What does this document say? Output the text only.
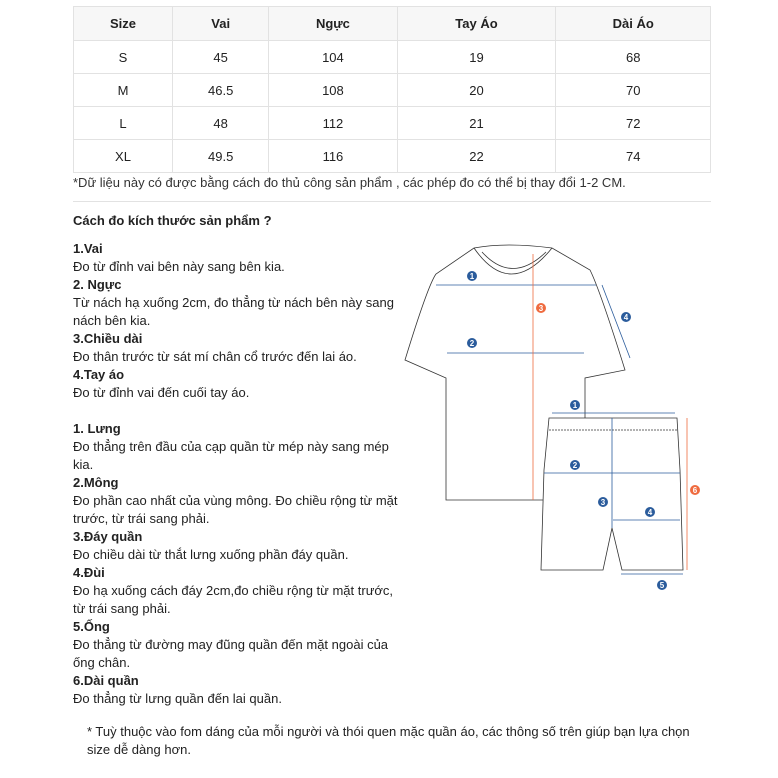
Size	Vai	Ngực	Tay Áo	Dài Áo
S	45	104	19	68
M	46.5	108	20	70
L	48	112	21	72
XL	49.5	116	22	74
*Dữ liệu này có được bằng cách đo thủ công sản phẩm , các phép đo có thể bị thay đổi 1-2 CM.
Cách đo kích thước sản phẩm ?

1.Vai

Đo từ đỉnh vai bên này sang bên kia.

2. Ngực

Từ nách hạ xuống 2cm, đo thẳng từ nách bên này sang nách bên kia.

3.Chiều dài

Đo thân trước từ sát mí chân cổ trước đến lai áo.

4.Tay áo

Đo từ đỉnh vai đến cuối tay áo.

1. Lưng

Đo thẳng trên đầu của cạp quần từ mép này sang mép kia.

2.Mông

Đo phần cao nhất của vùng mông. Đo chiều rộng từ mặt trước, từ trái sang phải.

3.Đáy quần

Đo chiều dài từ thắt lưng xuống phần đáy quần.

4.Đùi

Đo hạ xuống cách đáy 2cm,đo chiều rộng từ mặt trước, từ trái sang phải.

5.Ống

Đo thẳng từ đường may đũng quần đến mặt ngoài của ống chân.

6.Dài quần

Đo thẳng từ lưng quần đến lai quần.

1
2
3
4
1
2
3
4
5
6
* Tuỳ thuộc vào fom dáng của mỗi người và thói quen mặc quần áo, các thông số trên giúp bạn lựa chọn size dễ dàng hơn.
